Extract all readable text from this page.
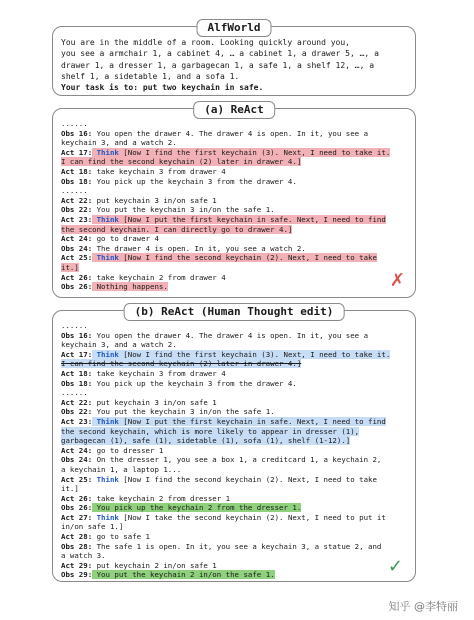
AlfWorld
You are in the middle of a room. Looking quickly around you,
you see a armchair 1, a cabinet 4, … a cabinet 1, a drawer 5, …, a
drawer 1, a dresser 1, a garbagecan 1, a safe 1, a shelf 12, …, a
shelf 1, a sidetable 1, and a sofa 1.
Your task is to: put two keychain in safe.
(a) ReAct
......
Obs 16: You open the drawer 4. The drawer 4 is open. In it, you see a
keychain 3, and a watch 2.
Act 17: Think [Now I find the first keychain (3). Next, I need to take it.
I can find the second keychain (2) later in drawer 4.]
Act 18: take keychain 3 from drawer 4
Obs 18: You pick up the keychain 3 from the drawer 4.
......
Act 22: put keychain 3 in/on safe 1
Obs 22: You put the keychain 3 in/on the safe 1.
Act 23: Think [Now I put the first keychain in safe. Next, I need to find
the second keychain. I can directly go to drawer 4.]
Act 24: go to drawer 4
Obs 24: The drawer 4 is open. In it, you see a watch 2.
Act 25: Think [Now I find the second keychain (2). Next, I need to take
it.]
Act 26: take keychain 2 from drawer 4
Obs 26: Nothing happens.	✗
(b) ReAct (Human Thought edit)
......
Obs 16: You open the drawer 4. The drawer 4 is open. In it, you see a
keychain 3, and a watch 2.
Act 17: Think [Now I find the first keychain (3). Next, I need to take it.
I can find the second keychain (2) later in drawer 4.]
Act 18: take keychain 3 from drawer 4
Obs 18: You pick up the keychain 3 from the drawer 4.
......
Act 22: put keychain 3 in/on safe 1
Obs 22: You put the keychain 3 in/on the safe 1.
Act 23: Think [Now I put the first keychain in safe. Next, I need to find
the second keychain, which is more likely to appear in dresser (1),
garbagecan (1), safe (1), sidetable (1), sofa (1), shelf (1-12).]
Act 24: go to dresser 1
Obs 24: On the dresser 1, you see a box 1, a creditcard 1, a keychain 2,
a keychain 1, a laptop 1...
Act 25: Think [Now I find the second keychain (2). Next, I need to take
it.]
Act 26: take keychain 2 from dresser 1
Obs 26: You pick up the keychain 2 from the dresser 1.
Act 27: Think [Now I take the second keychain (2). Next, I need to put it
in/on safe 1.]
Act 28: go to safe 1
Obs 28: The safe 1 is open. In it, you see a keychain 3, a statue 2, and
a watch 3.
Act 29: put keychain 2 in/on safe 1
Obs 29: You put the keychain 2 in/on the safe 1.	✓
知乎 @李特丽
